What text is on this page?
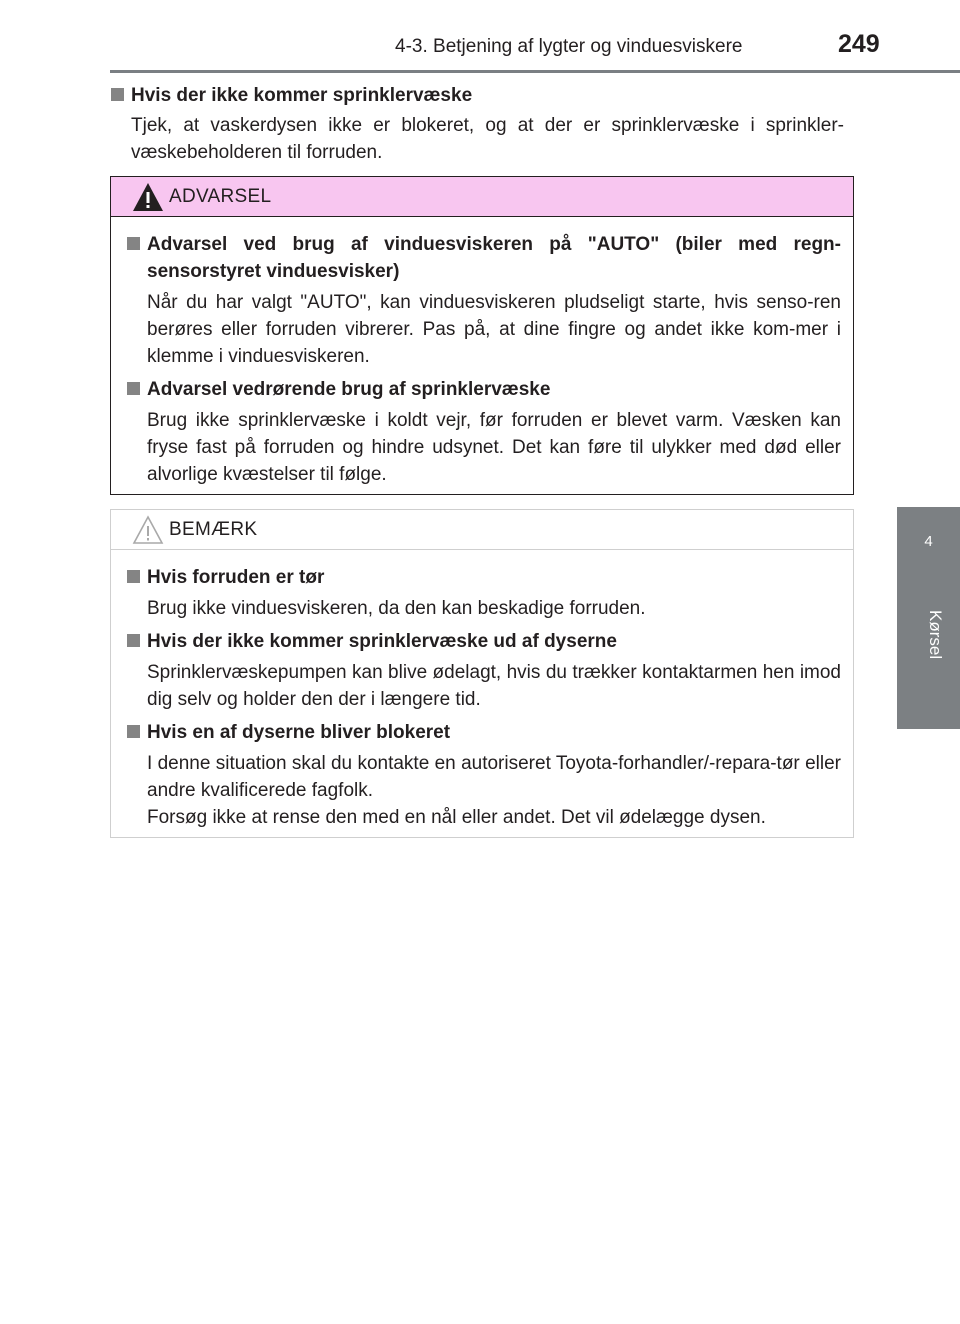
4-3. Betjening af lygter og vinduesviskere	249
4
Kørsel
Hvis der ikke kommer sprinklervæske
Tjek, at vaskerdysen ikke er blokeret, og at der er sprinklervæske i sprinkler-væskebeholderen til forruden.
ADVARSEL
Advarsel ved brug af vinduesviskeren på "AUTO" (biler med regn-sensorstyret vinduesvisker)
Når du har valgt "AUTO", kan vinduesviskeren pludseligt starte, hvis senso-ren berøres eller forruden vibrerer. Pas på, at dine fingre og andet ikke kom-mer i klemme i vinduesviskeren.
Advarsel vedrørende brug af sprinklervæske
Brug ikke sprinklervæske i koldt vejr, før forruden er blevet varm. Væsken kan fryse fast på forruden og hindre udsynet. Det kan føre til ulykker med død eller alvorlige kvæstelser til følge.
BEMÆRK
Hvis forruden er tør
Brug ikke vinduesviskeren, da den kan beskadige forruden.
Hvis der ikke kommer sprinklervæske ud af dyserne
Sprinklervæskepumpen kan blive ødelagt, hvis du trækker kontaktarmen hen imod dig selv og holder den der i længere tid.
Hvis en af dyserne bliver blokeret
I denne situation skal du kontakte en autoriseret Toyota-forhandler/-repara-tør eller andre kvalificerede fagfolk.
Forsøg ikke at rense den med en nål eller andet. Det vil ødelægge dysen.
